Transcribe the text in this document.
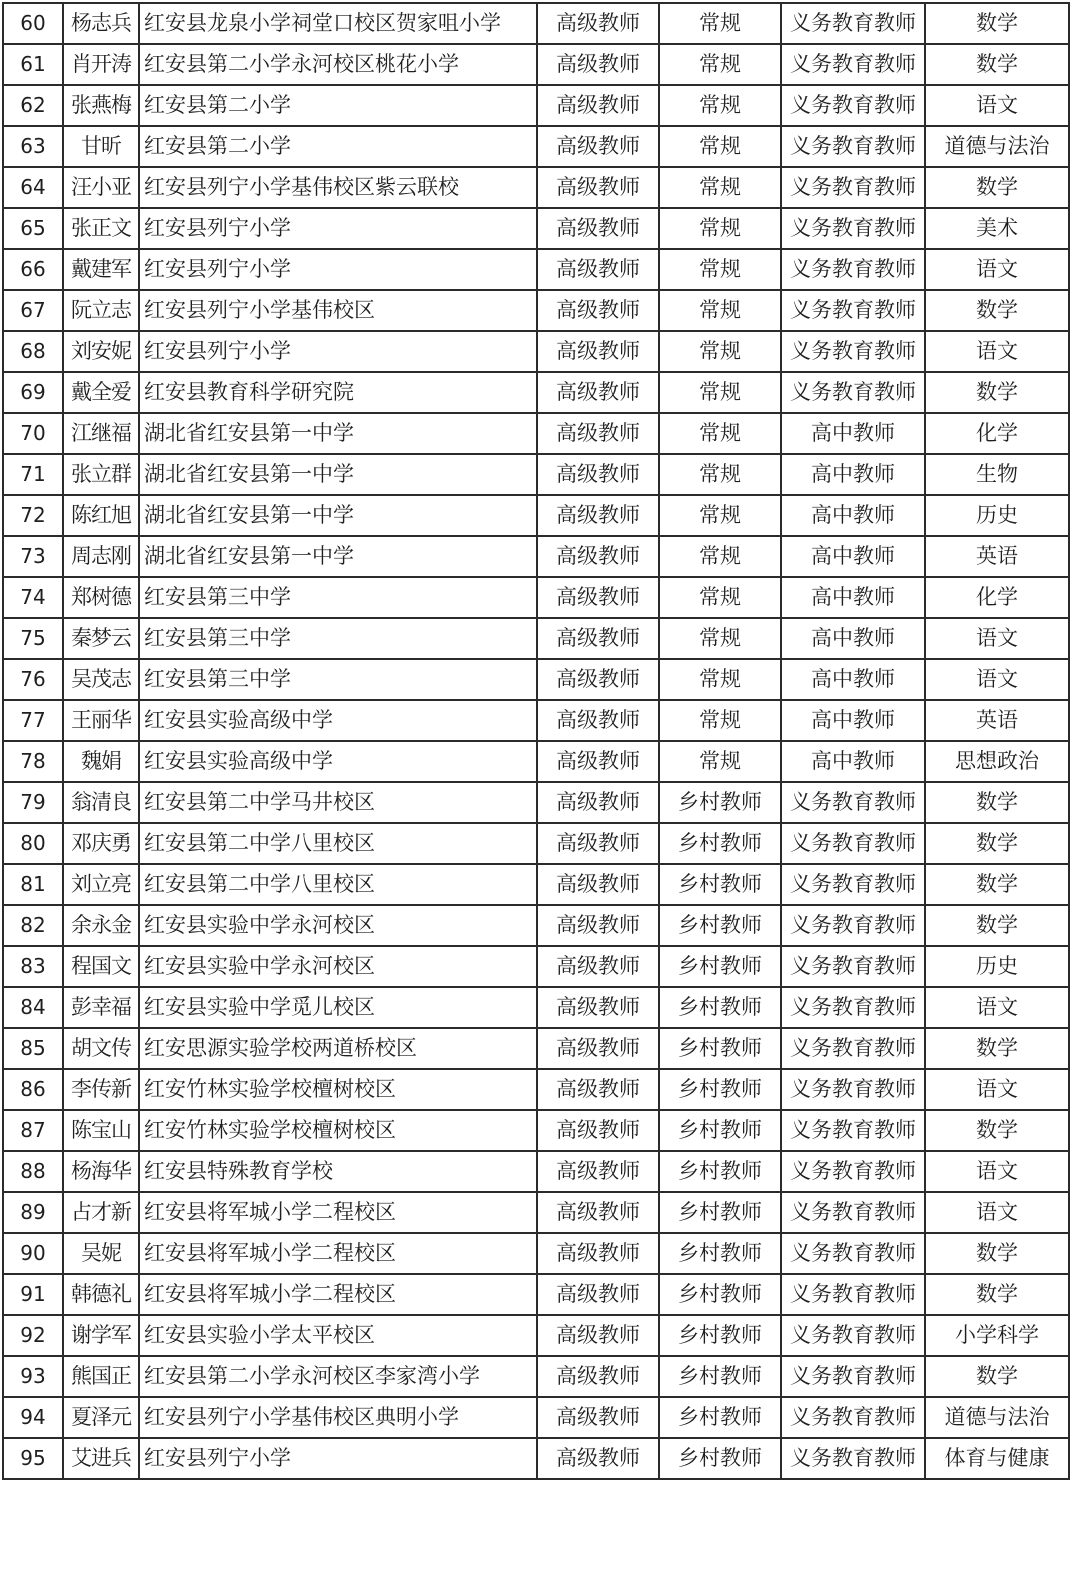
60	杨志兵	红安县龙泉小学祠堂口校区贺家咀小学	高级教师	常规	义务教育教师	数学
61	肖开涛	红安县第二小学永河校区桃花小学	高级教师	常规	义务教育教师	数学
62	张燕梅	红安县第二小学	高级教师	常规	义务教育教师	语文
63	甘昕	红安县第二小学	高级教师	常规	义务教育教师	道德与法治
64	汪小亚	红安县列宁小学基伟校区紫云联校	高级教师	常规	义务教育教师	数学
65	张正文	红安县列宁小学	高级教师	常规	义务教育教师	美术
66	戴建军	红安县列宁小学	高级教师	常规	义务教育教师	语文
67	阮立志	红安县列宁小学基伟校区	高级教师	常规	义务教育教师	数学
68	刘安妮	红安县列宁小学	高级教师	常规	义务教育教师	语文
69	戴全爱	红安县教育科学研究院	高级教师	常规	义务教育教师	数学
70	江继福	湖北省红安县第一中学	高级教师	常规	高中教师	化学
71	张立群	湖北省红安县第一中学	高级教师	常规	高中教师	生物
72	陈红旭	湖北省红安县第一中学	高级教师	常规	高中教师	历史
73	周志刚	湖北省红安县第一中学	高级教师	常规	高中教师	英语
74	郑树德	红安县第三中学	高级教师	常规	高中教师	化学
75	秦梦云	红安县第三中学	高级教师	常规	高中教师	语文
76	吴茂志	红安县第三中学	高级教师	常规	高中教师	语文
77	王丽华	红安县实验高级中学	高级教师	常规	高中教师	英语
78	魏娟	红安县实验高级中学	高级教师	常规	高中教师	思想政治
79	翁清良	红安县第二中学马井校区	高级教师	乡村教师	义务教育教师	数学
80	邓庆勇	红安县第二中学八里校区	高级教师	乡村教师	义务教育教师	数学
81	刘立亮	红安县第二中学八里校区	高级教师	乡村教师	义务教育教师	数学
82	余永金	红安县实验中学永河校区	高级教师	乡村教师	义务教育教师	数学
83	程国文	红安县实验中学永河校区	高级教师	乡村教师	义务教育教师	历史
84	彭幸福	红安县实验中学觅儿校区	高级教师	乡村教师	义务教育教师	语文
85	胡文传	红安思源实验学校两道桥校区	高级教师	乡村教师	义务教育教师	数学
86	李传新	红安竹林实验学校檀树校区	高级教师	乡村教师	义务教育教师	语文
87	陈宝山	红安竹林实验学校檀树校区	高级教师	乡村教师	义务教育教师	数学
88	杨海华	红安县特殊教育学校	高级教师	乡村教师	义务教育教师	语文
89	占才新	红安县将军城小学二程校区	高级教师	乡村教师	义务教育教师	语文
90	吴妮	红安县将军城小学二程校区	高级教师	乡村教师	义务教育教师	数学
91	韩德礼	红安县将军城小学二程校区	高级教师	乡村教师	义务教育教师	数学
92	谢学军	红安县实验小学太平校区	高级教师	乡村教师	义务教育教师	小学科学
93	熊国正	红安县第二小学永河校区李家湾小学	高级教师	乡村教师	义务教育教师	数学
94	夏泽元	红安县列宁小学基伟校区典明小学	高级教师	乡村教师	义务教育教师	道德与法治
95	艾进兵	红安县列宁小学	高级教师	乡村教师	义务教育教师	体育与健康
